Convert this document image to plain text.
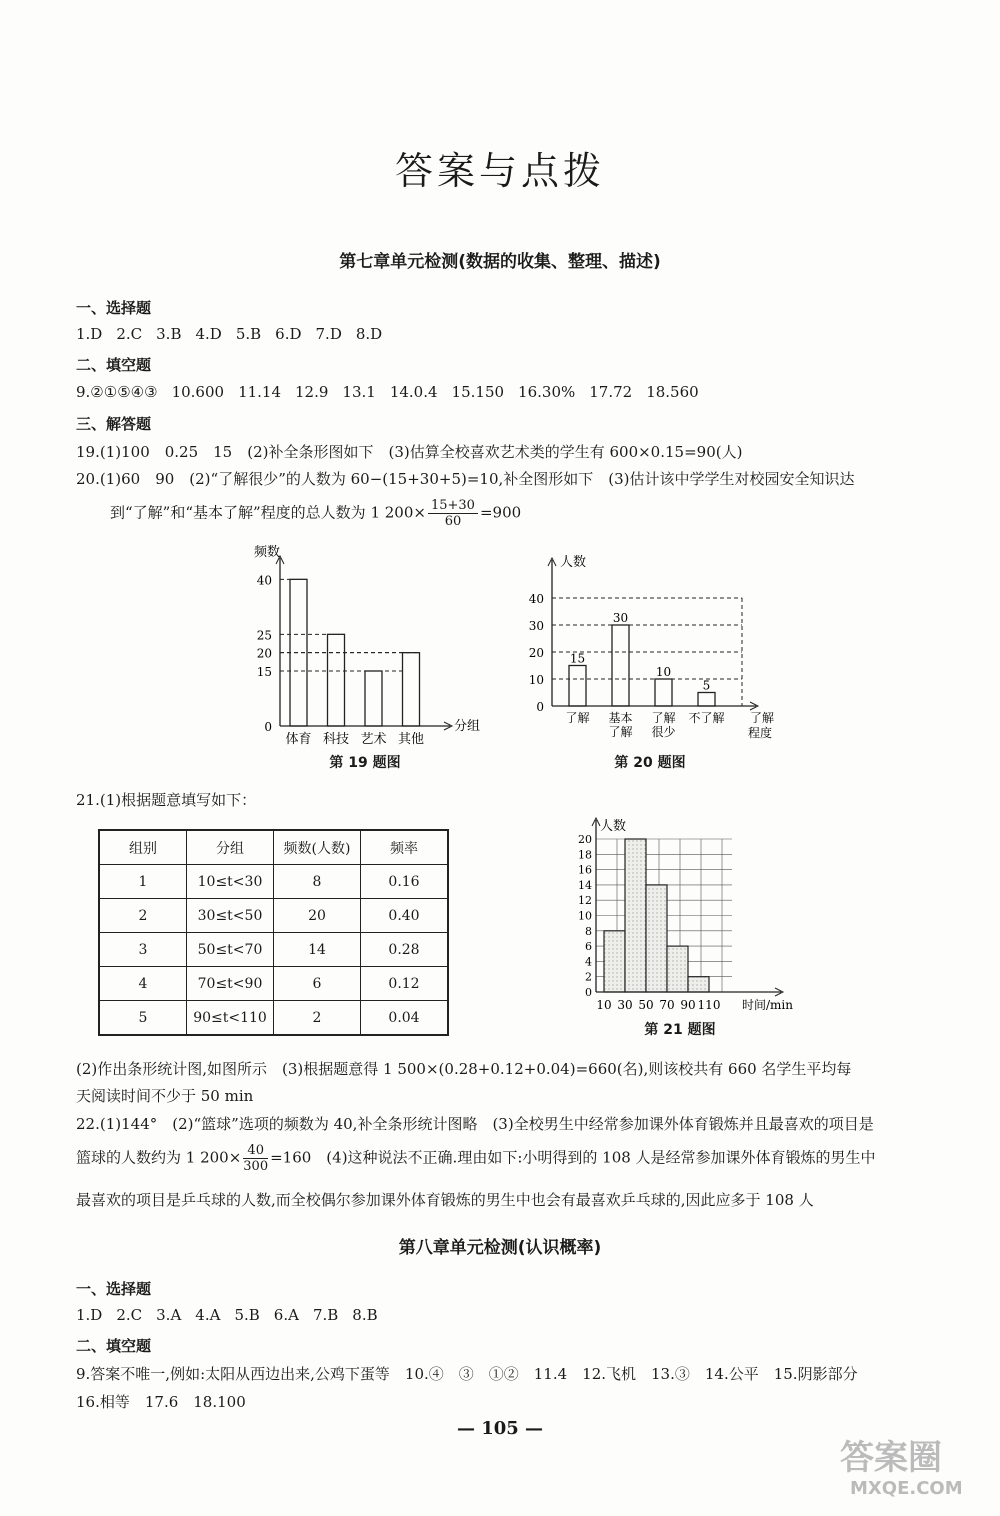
答案与点拨
第七章单元检测(数据的收集、整理、描述)
一、选择题
1.D 2.C 3.B 4.D 5.B 6.D 7.D 8.D
二、填空题
9.②①⑤④③ 10.600 11.14 12.9 13.1 14.0.4 15.150 16.30% 17.72 18.560
三、解答题
19.(1)100　0.25　15　(2)补全条形图如下　(3)估算全校喜欢艺术类的学生有 600×0.15=90(人)
20.(1)60　90　(2)“了解很少”的人数为 60−(15+30+5)=10,补全图形如下　(3)估计该中学学生对校园安全知识达
到“了解”和“基本了解”程度的总人数为 1 $200\times \frac{15+30}{60} =900$
频数
分组
0
15
20
25
40
体育 科技 艺术 其他
第 19 题图
人数
了解
程度
0
10
20
30
40
15
了解
30
基本
了解
10
了解
很少
5
不了解
第 20 题图
21.(1)根据题意填写如下：
组别	分组	频数(人数)	频率
1	10≤t<30	8	0.16
2	30≤t<50	20	0.40
3	50≤t<70	14	0.28
4	70≤t<90	6	0.12
5	90≤t<110	2	0.04
0
2
4
6
8
10
12
14
16
18
20
人数
10 30 50 70 90 110 时间/min
第 21 题图
(2)作出条形统计图,如图所示　(3)根据题意得 1 500×(0.28+0.12+0.04)=660(名),则该校共有 660 名学生平均每
天阅读时间不少于 50 min
22.(1)144°　(2)“篮球”选项的频数为 40,补全条形统计图略　(3)全校男生中经常参加课外体育锻炼并且最喜欢的项目是
篮球的人数约为 1 $200\times \frac{40}{300} =160$　(4)这种说法不正确.理由如下:小明得到的 108 人是经常参加课外体育锻炼的男生中
最喜欢的项目是乒乓球的人数,而全校偶尔参加课外体育锻炼的男生中也会有最喜欢乒乓球的,因此应多于 108 人
第八章单元检测(认识概率)
一、选择题
1.D 2.C 3.A 4.A 5.B 6.A 7.B 8.B
二、填空题
9.答案不唯一,例如:太阳从西边出来,公鸡下蛋等　10.④　③　①②　11.4　12.飞机　13.③　14.公平　15.阴影部分
16.相等　17.6　18.100
— 105 —
答案圈
MXQE.COM
